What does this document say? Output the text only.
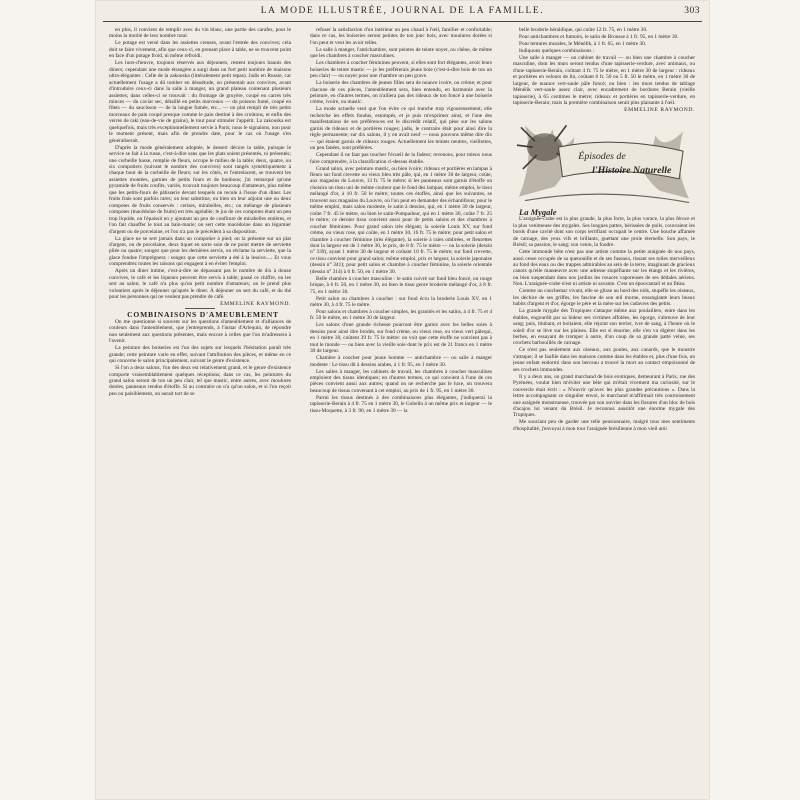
LA MODE ILLUSTRÉE, JOURNAL DE LA FAMILLE.	303

en plus, il convient de remplir avec du vin blanc, une partie des carafes, pour le moins la moitié de leur nombre total.

Le potage est versé dans les assiettes creuses, avant l'entrée des convives; cela doit se faire vivement, afin que ceux-ci, en prenant place à table, ne se trouvent point en face d'un potage froid, ni même refroidi.

Les hors-d'œuvre, toujours réservés aux déjeuners, restent toujours bannis des diners; cependant une mode étrangère a surgi dans un fort petit nombre de maisons ultra-élégantes : Celle de la zakouska (littéralement petit repas). Jadis en Russie, car actuellement l'usage a dû tomber en désuétude, on présentait aux convives, avant d'introduire ceux-ci dans la salle à manger, un grand plateau contenant plusieurs assiettes; dans celles-ci se trouvait : du fromage de gruyère, coupé en carrés très minces — du caviar sec, détaillé en petits morceaux — du poisson fumé, coupé en filets — du saucisson — de la langue fumée, etc... — un plat rempli de très petits morceaux de pain coupé presque comme le pain destiné à des croûtons, et enfin des verres de raki (eau-de-vie de grains), le tout pour stimuler l'appétit. La zakouska est quelquefois, mais très exceptionnellement servie à Paris; nous le signalons, non pour le moment présent, mais afin de prendre date, pour le cas où l'usage s'en généraliserait.

D'après la mode généralement adoptée, le dessert décore la table, puisque le service se fait à la russe, c'est-à-dire sans que les plats soient présentés, ni présentés; une corbeille basse, remplie de fleurs, occupe le milieu de la table; deux, quatre, ou six compotiers (suivant le nombre des convives) sont rangés symétriquement à chaque bout de la corbeille de fleurs; sur les côtés, et l'entrelacent, se trouvent les assiettes montées, garnies de petits fours et de bonbons; j'ai remarqué qu'une pyramide de fruits confits, variés, trouvait toujours beaucoup d'amateurs, plus même que les petits-fours de pâtisserie devant lesquels on recule à l'issue d'un diner. Les fruits frais sont parfois rares; on leur substitue, ou bien on leur adjoint une ou deux compotes de fruits conservés : cerises, mirabelles, etc.; ou mélange de plusieurs compotes (macédoine de fruits) est très agréable; le jus de ces compotes étant un peu trop liquide, on l'épaissit en y ajoutant un peu de confiture de mirabelles entières, et l'on fait chauffer le tout au bain-marie; on sert cette macédoine dans un légumier d'argent ou de porcelaine, et l'on n'a pas le précédent à sa disposition.

La glace ne se sert jamais dans un compotier à pied; on la présente sur un plat d'argent, ou de porcelaine, deux tiquet en sorte soin de ne point mettre de serviette pliée ou quatre; songez que pour les dernières servis, on réclame la serviette, que la glace fondue l'imprégnera : songez que cette serviette a été à la lessive..... Et vous comprendrez toutes les raisons qui engagent à en éviter l'emploi.

Après un diner intime, c'est-à-dire ne dépassant pas le nombre de dix à douze convives, le café et les liqueurs peuvent être servis à table; passé ce chiffre, on les sert au salon; le café n'a plus qu'un petit nombre d'amateurs; on le prend plus volontiers après le déjeuner qu'après le diner. À déjeuner on sert du café, et du thé pour les personnes qui ne veulent pas prendre de café.

EMMELINE RAYMOND.

COMBINAISONS D'AMEUBLEMENT

On me questionne si souvent sur les questions d'ameublement et d'alliances de couleurs dans l'ameublement, que j'entreprends, à l'instar d'Arlequin, de répondre non seulement aux questions présentes, mais encore à celles que l'on m'adressera à l'avenir.

La peinture des boiseries est l'un des sujets sur lesquels l'hésitation paraît très grande; cette peinture varie en effet, suivant l'attribution des pièces, et même en ce qui concerne le salon principalement, suivant le genre d'existence.

Si l'on a deux salons, l'un des deux est relativement grand, et le genre d'existence comporte vraisemblablement quelques réceptions; dans ce cas, les peintures du grand salon seront de ton un peu clair, tel que mastic, entre autres, avec moulures dorées, panneaux tendus d'étoffe. Si au contraire on n'a qu'un salon, et si l'on reçoit peu ou paisiblement, on aurait tort de se

refuser la satisfaction d'un intérieur un peu chaud à l'œil, familier et confortable; dans ce cas, les boiseries seront peintes de ton jonc bois, avec moulures dorées si l'on peut et veut les avoir telles.

La salle à manger, l'antichambre, sont peintes de teinte noyer, ou chêne, de même que les chambres à coucher masculines.

Les chambres à coucher féminines peuvent, si elles sont fort élégantes, avoir leurs boiseries de teinte mastic — je les préférerais jeune boie (c'est-à-dire bois de ton un peu clair) — ou noyer pour une chambre un peu grave.

La boiserie des chambres de jeunes filles sera de nuance ivoire, ou crème; et pour chacune de ces pièces, l'ameublement sera, bien entendu, en harmonie avec la peinture, en d'autres termes, on n'alliera pas des rideaux de ton foncé à une boiserie crème, ivoire, ou mastic.

La mode actuelle veut que l'on évite ce qui tranche trop vigoureusement; elle recherche les effets fondus, estompés, et je puis m'exprimer ainsi, et l'une des manifestations de ses préférences est le discrédit relatif, qui pèse sur les salons garnis de rideaux et de portières rouges; jadis, le contraire était pour ainsi dire la règle permanente; sur dix salons, il y en avait neuf — nous pouvons même dire dix — qui étaient garnis de rideaux rouges. Actuellement les teintes neutres, vieillottes, un peu fanées, sont préférées.

Cependant il ne faut pas toucher l'écueil de la fadeur; revenons, pour mieux nous faire comprendre, à la classification ci-dessus établie.

Grand salon, avec peinture mastic, ou bien ivoire; rideaux et portières en lampas à fleurs sur fond crevette ou vieux bleu très pâle, qui, en 1 mètre 30 de largeur, coûte, aux magasins du Louvre, 13 fr. 75 le mètre; si les panneaux sont garnis d'étoffe on choisira un tissu uni de même couleur que le fond des lampas; même emploi, le tissu mélangé d'or, à 10 fr. 50 le mètre; toutes ces étoffes, ainsi que les suivantes, se trouvent aux magasins du Louvre, où l'on peut en demander des échantillons; pour le même emploi, mais salon modeste, le satin à dessins, qui, en 1 mètre 30 de largeur, coûte 7 fr. 45 le mètre, ou bien le satin-Pompadour, qui en 1 mètre 30, coûte 7 fr. 25 le mètre; ce dernier tissu convient aussi pour de petits salons et des chambres à coucher féminines. Pour grand salon très élégant, la soierie Louis XV, sur fond crème, ou vieux rose, qui coûte, en 1 mètre 30, 16 fr. 75 le mètre; pour petit salon et chambre à coucher féminine (très élégante), la soierie à raies ombrées, et fleurettes dont la largeur est de 1 mètre 30, le prix, de 8 fr. 75 le mètre — ou la soierie (dessin n° 339), ayant 1 mètre 30 de largeur et coûtant 10 fr. 75 le mètre; sur fond crevette, ce tissu convient pour grand salon; même emploi, prix et largeur, la soierie japonaise (dessin n° 341); pour petit salon et chambre à coucher féminine, la soierie orientale (dessin n° 314) à 6 fr. 50, en 1 mètre 30.

Belle chambre à coucher masculine : le satin cuivré sur fond bleu foncé, ou rouge brique, à 6 fr. 50, en 1 mètre 30, ou bien le tissu genre broderie mélangé d'or, à 8 fr. 75, en 1 mètre 30.

Petit salon ou chambres à coucher : sur fond écru la broderie Louis XV, en 1 mètre 30, à 4 fr. 75 le mètre.

Pour salons et chambres à coucher simples, les granités et les satins, à 4 fr. 75 et 4 fr. 50 le mètre, en 1 mètre 30 de largeur.

Les salons d'une grande richesse pourront être garnis avec les belles soies à dessins pour ainsi dire brodés, sur fond crème, ou vieux rose, ou vieux vert pâlequi, en 1 mètre 30, coûtent 39 fr. 75 le mètre: on voit que cette étoffe ne convient pas à tout le monde — ou bien avec la vieille soie dont le prix est de 21 francs en 1 mètre 30 de largeur.

Chambre à coucher pour jeune homme — antichambre — ou salle à manger modeste : Le tissu dit à dessins arabes, à 1 fr. 95, en 1 mètre 30.

Les salles à manger, les cabinets de travail, les chambres à coucher masculines emploient des tissus identiques; en d'autres termes, ce qui convient à l'une de ces pièces convient aussi aux autres; quand on ne recherche pas le luxe, on trouvera beaucoup de tissus convenant à cet emploi, au prix de 1 fr. 95, en 1 mètre 30.

Parmi les tissus destinés à des combinaisons plus élégantes, j'indiquerai la tapisserie-Berain à 4 fr. 75 en 1 mètre 30, le Gobelin à un même prix et largeur — le tissu-Moquette, à 3 fr. 90, en 1 mètre 30 — la

belle broderie héraldique, qui coûte 12 fr. 75, en 1 mètre 30.

Pour antichambres et fumoirs, le satin de Brousse à 1 fr. 95, en 1 mètre 30.

Pour tentures murales, le Ménélik, à 1 fr. 65, en 1 mètre 30.

Indiquons quelques combinaisons :

Une salle à manger — un cabinet de travail — ou bien une chambre à coucher masculine, dont les murs seront tendus d'une tapisserie-verdure, avec animaux, ou d'une tapisserie-Berain, coûtant 4 fr. 75 le mètre, en 1 mètre 30 de largeur : rideaux et portières en velours de lin, coûtant 6 fr. 50 ou 5 fr. 50 le mètre, en 1 mètre 30 de largeur, de nuance vert-saule pâle foncé; ou bien : les murs tendus de tablage Ménélik vert-saule assez clair, avec encadrement de bordures Berain (vieille tapisserie), à 65 centimes le mètre; rideaux et portières en tapisserie-verdure, en tapisserie-Berain; mais la première combinaison serait plus plaisante à l'œil.

EMMELINE RAYMOND.

Épisodes de
l'Histoire Naturelle

La Mygale

L'araignée-crabe est la plus grande, la plus forte, la plus vorace, la plus féroce et la plus venimeuse des mygales. Ses longues pattes, hérissées de poils, couvraient les bords d'une cavité dont son corps terrifiant occupait le centre. Une bouche affamée de carnage, des yeux vifs et brillants, guettant une proie éternelle. Son pays, le Brésil; sa passion, le sang; son venin, la foudre.

Cette immonde bête n'est pas une artiste comme la petite araignée de nos pays, aussi cesse occupée de sa quenouille et de ses fuseaux, tissant ses toiles merveilleux au fond des eaux ou des trappes admirables au sein de la terre, imaginant de gracieux canots qu'elle manœuvre avec une adresse stupéfiante sur les étangs et les rivières, ou bien suspendant dans nos jardins les rosaces vaporeuses de ses dédales aériens. Non. L'araignée-crabe n'est ni artiste ni savante. C'est un épouvantail et un fléau.

Comme un cauchemar vivant, elle se glisse au bord des nids, stupéfie les oiseaux, les déchire de ses griffes, les fascine de son œil morne, ensanglante leurs beaux habits d'argent et d'or, égorge le père et la mère sur les cadavres des petits.

La grande mygale des Tropiques s'attaque même aux poulaillers, entre dans les étables, engourdit par sa hideur ses victimes affolées, les égorge, s'abreuve de leur sang; puis, titubant, et boitaient, elle rejoint son terrier, ivre de sang, à l'heure où le soleil d'or se lève sur les plaines. Elle est si énorme, elle s'en va digérer dans les herbes, en essayant de tromper à autre, d'un coup de sa grande patte velue, ses crochets barbouillés de carnage.

Ce n'est pas seulement aux oiseaux, aux poules, aux canards, que le monstre s'attaque; il se faufile dans les maisons comme dans les étables et, plus d'une fois, un jeune enfant endormi dans son berceau a trouvé la mort au contact empoisonné de ses crochets immondes.

Il y a deux ans, un grand marchand de bois exotiques, demeurant à Paris, rue des Pyrénées, voulut bien m'éviter une bête qui m'était vivement ma curiosité, sur le couvercle était écrit : « N'ouvrir qu'avec les plus grandes précautions ». Dans la lettre accompagnant ce singulier envoi, le marchand m'affirmait très courtoisement une araignée monstrueuse, trouvée par son ouvrier dans les fissures d'un bloc de bois d'acajou lui venant du Brésil. Je reconnus aussitôt une énorme mygale des Tropiques.

Me souciant peu de garder une telle pensionnaire, malgré tous mes sentiments d'hospitalité, j'envoyai à mon tour l'araignée brésilienne à mon vieil ami
